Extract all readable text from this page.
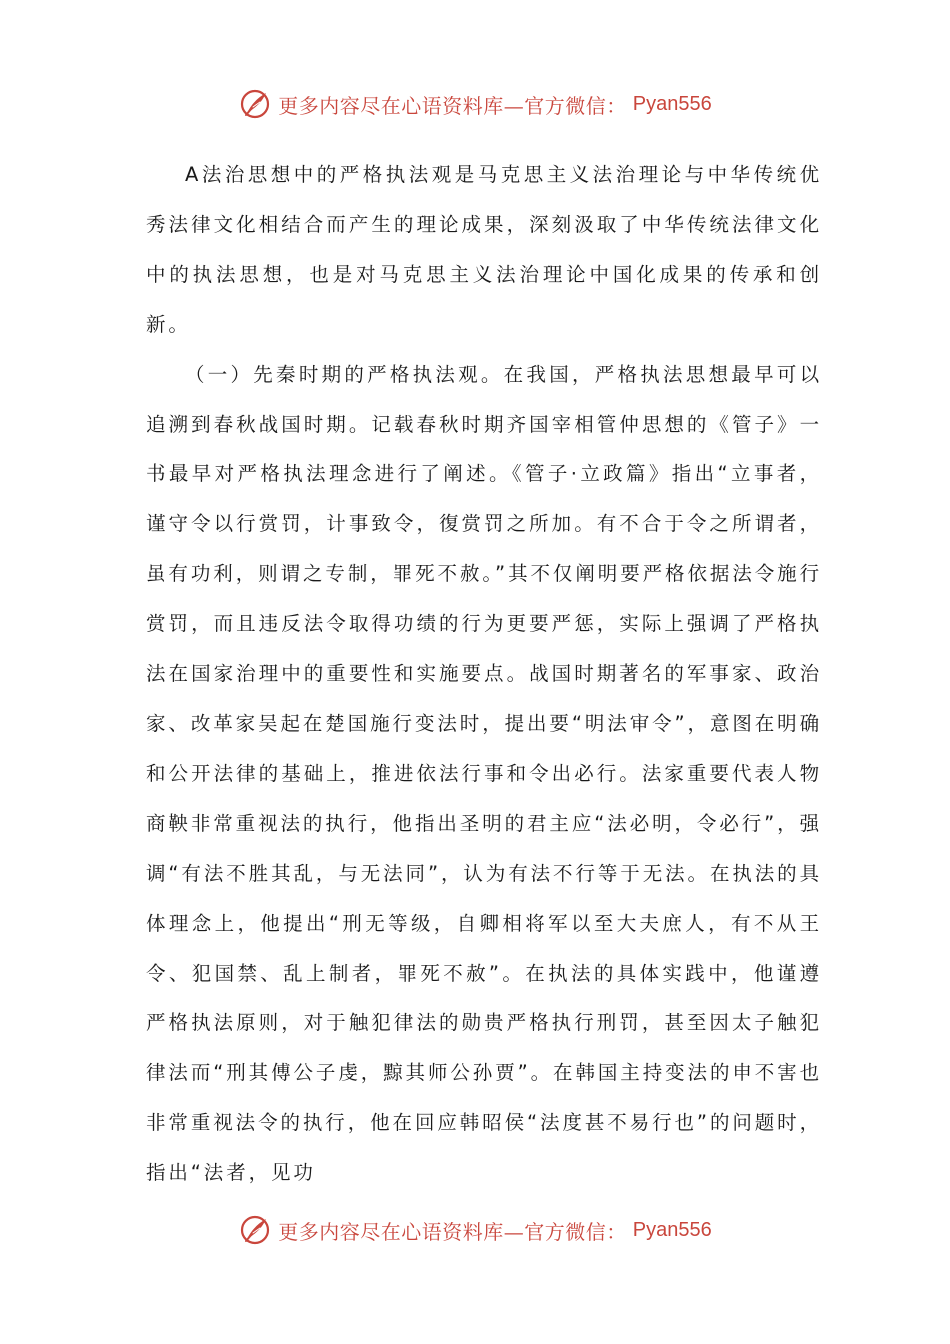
更多内容尽在心语资料库—官方微信： Pyan556

A法治思想中的严格执法观是马克思主义法治理论与中华传统优秀法律文化相结合而产生的理论成果，深刻汲取了中华传统法律文化中的执法思想，也是对马克思主义法治理论中国化成果的传承和创新。

（一）先秦时期的严格执法观。在我国，严格执法思想最早可以追溯到春秋战国时期。记载春秋时期齐国宰相管仲思想的《管子》一书最早对严格执法理念进行了阐述。《管子·立政篇》指出“立事者，谨守令以行赏罚，计事致令，復赏罚之所加。有不合于令之所谓者，虽有功利，则谓之专制，罪死不赦。”其不仅阐明要严格依据法令施行赏罚，而且违反法令取得功绩的行为更要严惩，实际上强调了严格执法在国家治理中的重要性和实施要点。战国时期著名的军事家、政治家、改革家吴起在楚国施行变法时，提出要“明法审令”，意图在明确和公开法律的基础上，推进依法行事和令出必行。法家重要代表人物商鞅非常重视法的执行，他指出圣明的君主应“法必明，令必行”，强调“有法不胜其乱，与无法同”，认为有法不行等于无法。在执法的具体理念上，他提出“刑无等级，自卿相将军以至大夫庶人，有不从王令、犯国禁、乱上制者，罪死不赦”。在执法的具体实践中，他谨遵严格执法原则，对于触犯律法的勋贵严格执行刑罚，甚至因太子触犯律法而“刑其傅公子虔，黥其师公孙贾”。在韩国主持变法的申不害也非常重视法令的执行，他在回应韩昭侯“法度甚不易行也”的问题时，指出“法者，见功

更多内容尽在心语资料库—官方微信： Pyan556
